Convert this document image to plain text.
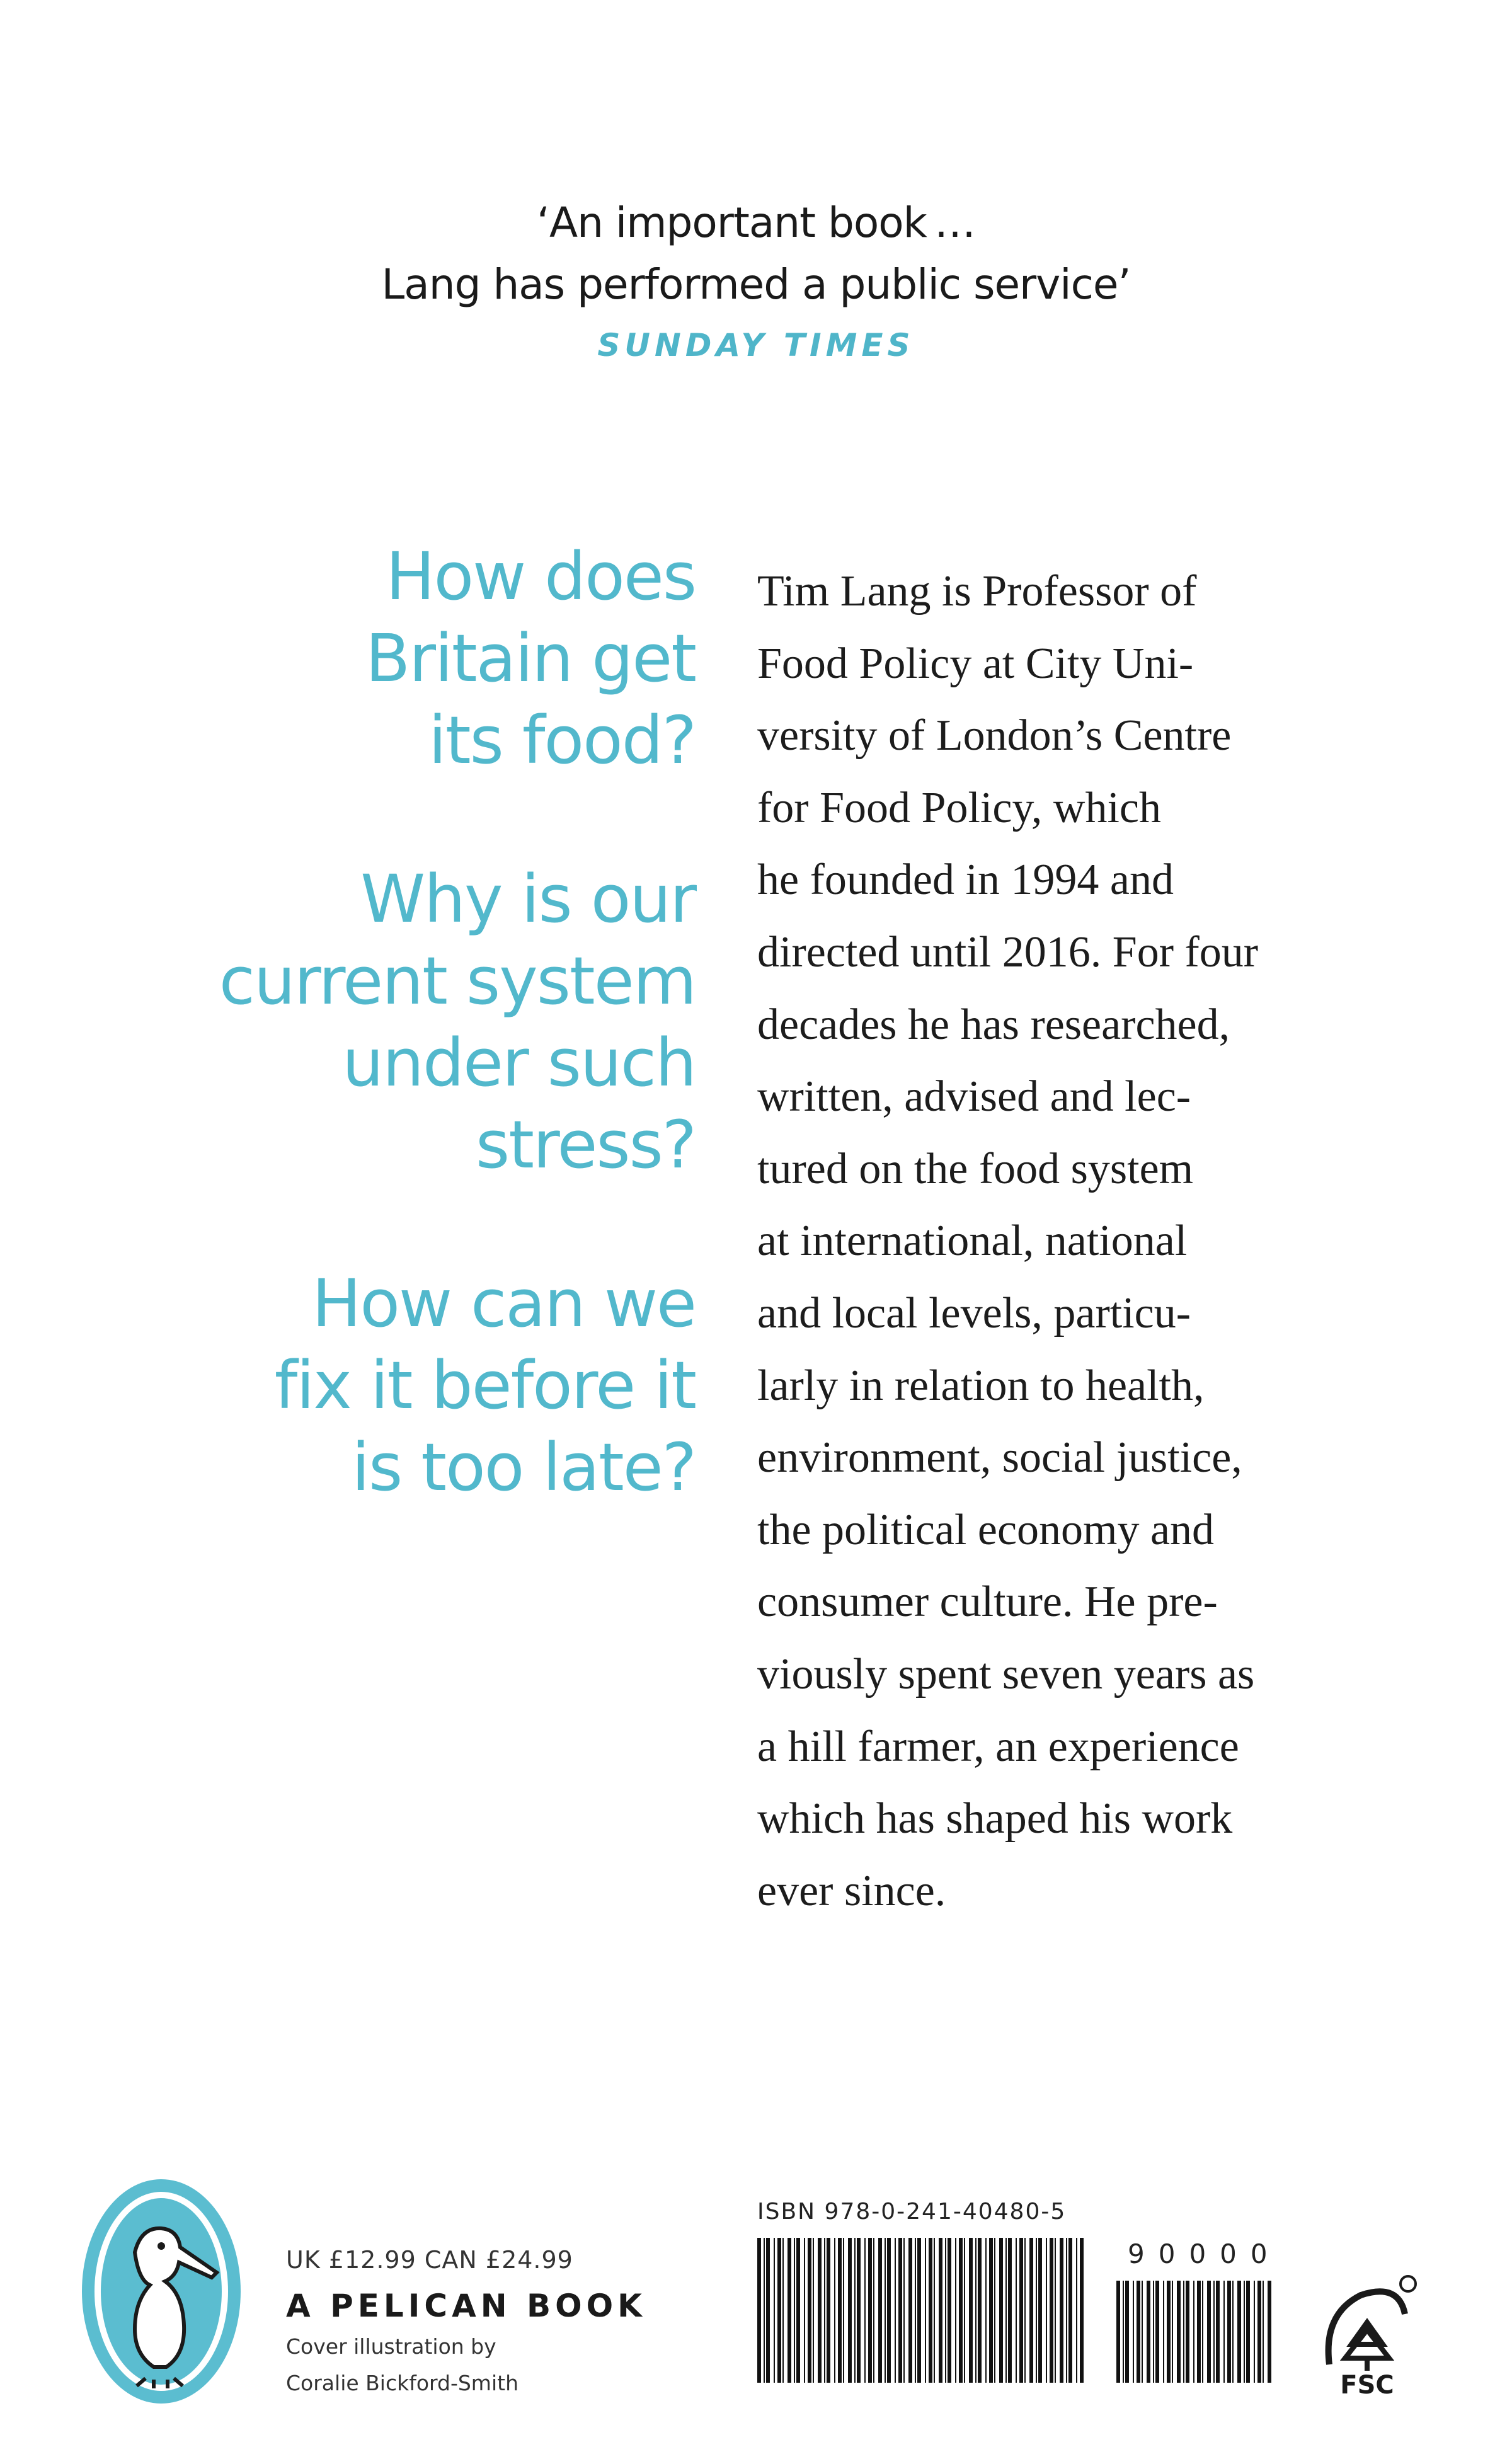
‘An important book …
Lang has performed a public service’
SUNDAY TIMES
How does
Britain get
its food?
Why is our
current system
under such
stress?
How can we
fix it before it
is too late?
Tim Lang is Professor of
Food Policy at City Uni-
versity of London’s Centre
for Food Policy, which
he founded in 1994 and
directed until 2016. For four
decades he has researched,
written, advised and lec-
tured on the food system
at international, national
and local levels, particu-
larly in relation to health,
environment, social justice,
the political economy and
consumer culture. He pre-
viously spent seven years as
a hill farmer, an experience
which has shaped his work
ever since.
UK £12.99 CAN £24.99
A PELICAN BOOK
Cover illustration by
Coralie Bickford-Smith
ISBN 978-0-241-40480-5
90000
FSC
